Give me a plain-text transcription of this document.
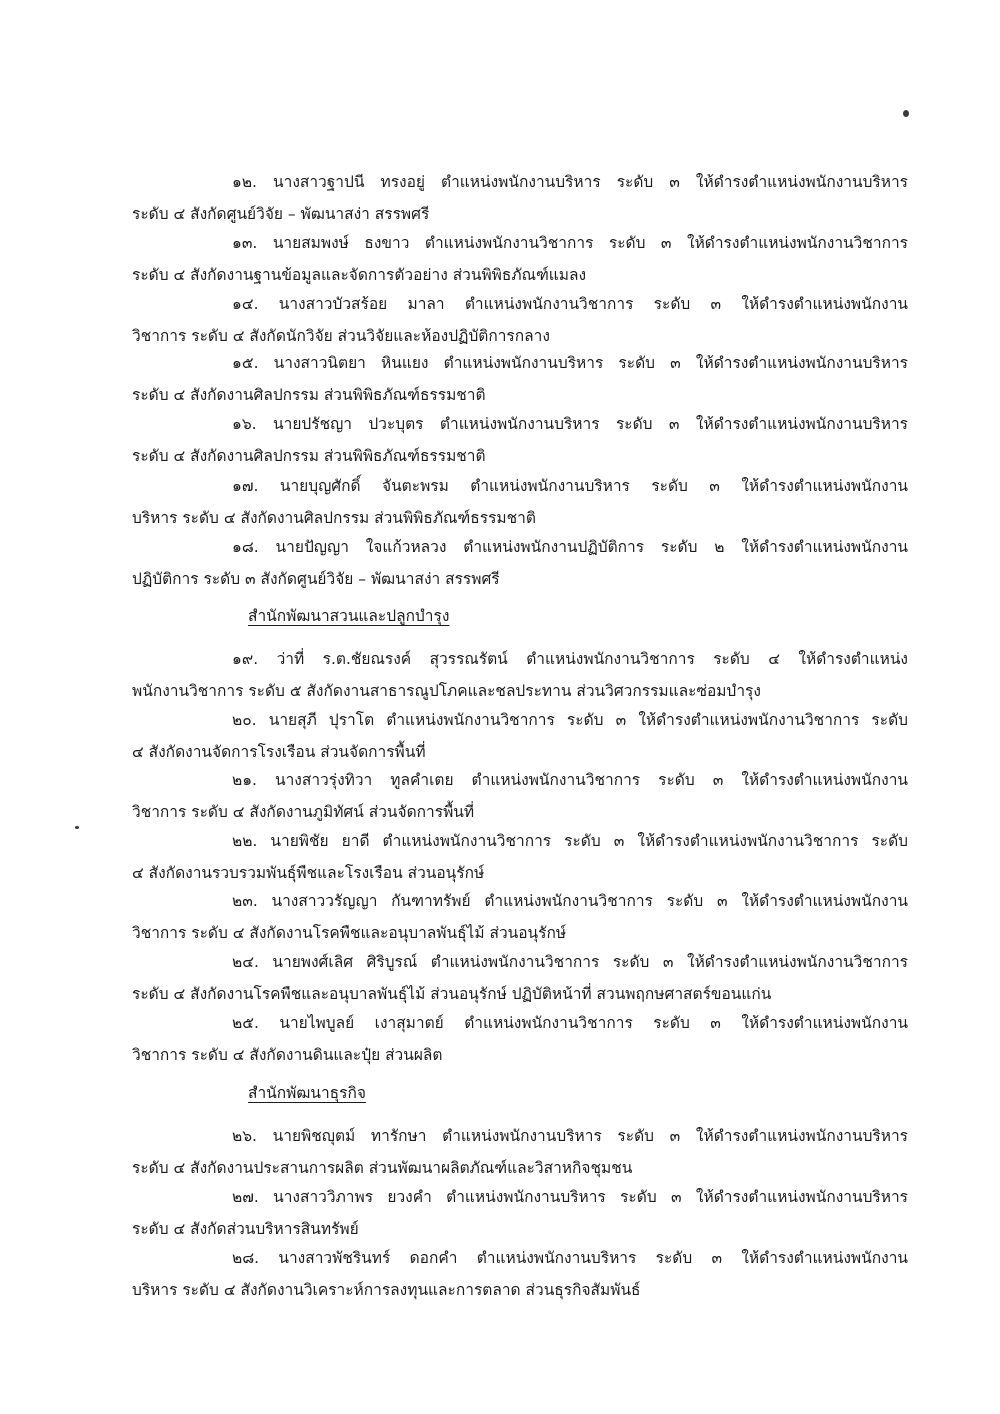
๑๒. นางสาวฐาปนี ทรงอยู่ ตำแหน่งพนักงานบริหาร ระดับ ๓ ให้ดำรงตำแหน่งพนักงานบริหาร
ระดับ ๔ สังกัดศูนย์วิจัย – พัฒนาสง่า สรรพศรี
๑๓. นายสมพงษ์ ธงขาว ตำแหน่งพนักงานวิชาการ ระดับ ๓ ให้ดำรงตำแหน่งพนักงานวิชาการ
ระดับ ๔ สังกัดงานฐานข้อมูลและจัดการตัวอย่าง ส่วนพิพิธภัณฑ์แมลง
๑๔. นางสาวบัวสร้อย มาลา ตำแหน่งพนักงานวิชาการ ระดับ ๓ ให้ดำรงตำแหน่งพนักงาน
วิชาการ ระดับ ๔ สังกัดนักวิจัย ส่วนวิจัยและห้องปฏิบัติการกลาง
๑๕. นางสาวนิตยา หินแยง ตำแหน่งพนักงานบริหาร ระดับ ๓ ให้ดำรงตำแหน่งพนักงานบริหาร
ระดับ ๔ สังกัดงานศิลปกรรม ส่วนพิพิธภัณฑ์ธรรมชาติ
๑๖. นายปรัชญา ปวะบุตร ตำแหน่งพนักงานบริหาร ระดับ ๓ ให้ดำรงตำแหน่งพนักงานบริหาร
ระดับ ๔ สังกัดงานศิลปกรรม ส่วนพิพิธภัณฑ์ธรรมชาติ
๑๗. นายบุญศักดิ์ จันตะพรม ตำแหน่งพนักงานบริหาร ระดับ ๓ ให้ดำรงตำแหน่งพนักงาน
บริหาร ระดับ ๔ สังกัดงานศิลปกรรม ส่วนพิพิธภัณฑ์ธรรมชาติ
๑๘. นายปัญญา ใจแก้วหลวง ตำแหน่งพนักงานปฏิบัติการ ระดับ ๒ ให้ดำรงตำแหน่งพนักงาน
ปฏิบัติการ ระดับ ๓ สังกัดศูนย์วิจัย – พัฒนาสง่า สรรพศรี
สำนักพัฒนาสวนและปลูกบำรุง
๑๙. ว่าที่ ร.ต.ชัยณรงค์ สุวรรณรัตน์ ตำแหน่งพนักงานวิชาการ ระดับ ๔ ให้ดำรงตำแหน่ง
พนักงานวิชาการ ระดับ ๕ สังกัดงานสาธารณูปโภคและชลประทาน ส่วนวิศวกรรมและซ่อมบำรุง
๒๐. นายสุภี ปุราโต ตำแหน่งพนักงานวิชาการ ระดับ ๓ ให้ดำรงตำแหน่งพนักงานวิชาการ ระดับ
๔ สังกัดงานจัดการโรงเรือน ส่วนจัดการพื้นที่
๒๑. นางสาวรุ่งทิวา ทูลคำเตย ตำแหน่งพนักงานวิชาการ ระดับ ๓ ให้ดำรงตำแหน่งพนักงาน
วิชาการ ระดับ ๔ สังกัดงานภูมิทัศน์ ส่วนจัดการพื้นที่
๒๒. นายพิชัย ยาดี ตำแหน่งพนักงานวิชาการ ระดับ ๓ ให้ดำรงตำแหน่งพนักงานวิชาการ ระดับ
๔ สังกัดงานรวบรวมพันธุ์พืชและโรงเรือน ส่วนอนุรักษ์
๒๓. นางสาววรัญญา กันฑาทรัพย์ ตำแหน่งพนักงานวิชาการ ระดับ ๓ ให้ดำรงตำแหน่งพนักงาน
วิชาการ ระดับ ๔ สังกัดงานโรคพืชและอนุบาลพันธุ์ไม้ ส่วนอนุรักษ์
๒๔. นายพงศ์เลิศ ศิริบูรณ์ ตำแหน่งพนักงานวิชาการ ระดับ ๓ ให้ดำรงตำแหน่งพนักงานวิชาการ
ระดับ ๔ สังกัดงานโรคพืชและอนุบาลพันธุ์ไม้ ส่วนอนุรักษ์ ปฏิบัติหน้าที่ สวนพฤกษศาสตร์ขอนแก่น
๒๕. นายไพบูลย์ เงาสุมาตย์ ตำแหน่งพนักงานวิชาการ ระดับ ๓ ให้ดำรงตำแหน่งพนักงาน
วิชาการ ระดับ ๔ สังกัดงานดินและปุ๋ย ส่วนผลิต
สำนักพัฒนาธุรกิจ
๒๖. นายพิชญุตม์ ทารักษา ตำแหน่งพนักงานบริหาร ระดับ ๓ ให้ดำรงตำแหน่งพนักงานบริหาร
ระดับ ๔ สังกัดงานประสานการผลิต ส่วนพัฒนาผลิตภัณฑ์และวิสาหกิจชุมชน
๒๗. นางสาววิภาพร ยวงคำ ตำแหน่งพนักงานบริหาร ระดับ ๓ ให้ดำรงตำแหน่งพนักงานบริหาร
ระดับ ๔ สังกัดส่วนบริหารสินทรัพย์
๒๘. นางสาวพัชรินทร์ ดอกคำ ตำแหน่งพนักงานบริหาร ระดับ ๓ ให้ดำรงตำแหน่งพนักงาน
บริหาร ระดับ ๔ สังกัดงานวิเคราะห์การลงทุนและการตลาด ส่วนธุรกิจสัมพันธ์
